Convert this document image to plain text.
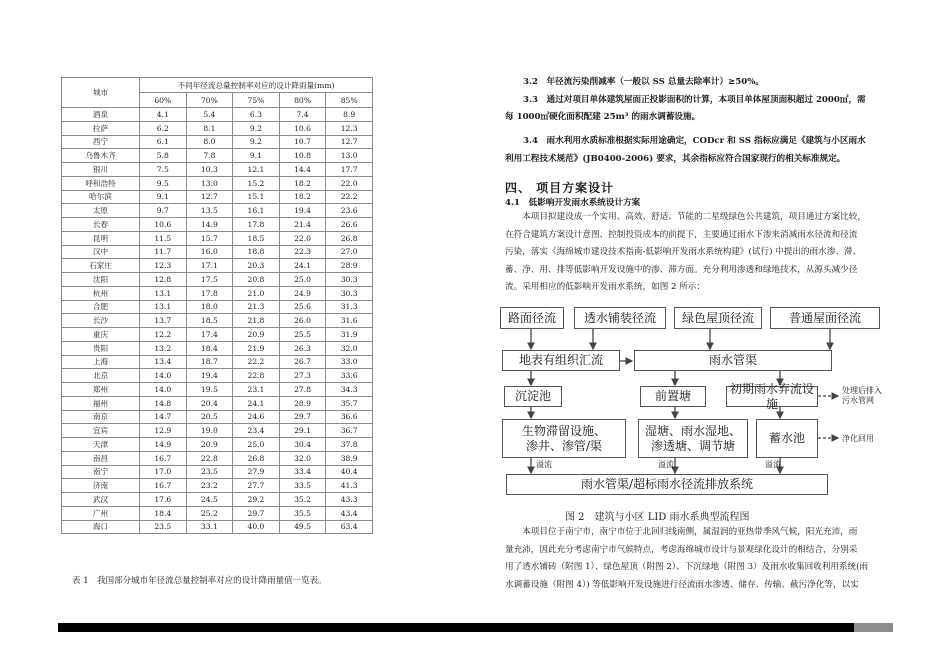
城市	不同年径流总量控制率对应的设计降雨量(mm)				
	60%	70%	75%	80%	85%
酒泉	4.1	5.4	6.3	7.4	8.9
拉萨	6.2	8.1	9.2	10.6	12.3
西宁	6.1	8.0	9.2	10.7	12.7
乌鲁木齐	5.8	7.8	9.1	10.8	13.0
银川	7.5	10.3	12.1	14.4	17.7
呼和浩特	9.5	13.0	15.2	18.2	22.0
哈尔滨	9.1	12.7	15.1	18.2	22.2
太原	9.7	13.5	16.1	19.4	23.6
长春	10.6	14.9	17.8	21.4	26.6
昆明	11.5	15.7	18.5	22.0	26.8
汉中	11.7	16.0	18.8	22.3	27.0
石家庄	12.3	17.1	20.3	24.1	28.9
沈阳	12.8	17.5	20.8	25.0	30.3
杭州	13.1	17.8	21.0	24.9	30.3
合肥	13.1	18.0	21.3	25.6	31.3
长沙	13.7	18.5	21.8	26.0	31.6
重庆	12.2	17.4	20.9	25.5	31.9
贵阳	13.2	18.4	21.9	26.3	32.0
上海	13.4	18.7	22.2	26.7	33.0
北京	14.0	19.4	22.8	27.3	33.6
郑州	14.0	19.5	23.1	27.8	34.3
福州	14.8	20.4	24.1	28.9	35.7
南京	14.7	20.5	24.6	29.7	36.6
宜宾	12.9	19.0	23.4	29.1	36.7
天津	14.9	20.9	25.0	30.4	37.8
南昌	16.7	22.8	26.8	32.0	38.9
南宁	17.0	23.5	27.9	33.4	40.4
济南	16.7	23.2	27.7	33.5	41.3
武汉	17.6	24.5	29.2	35.2	43.3
广州	18.4	25.2	29.7	35.5	43.4
海口	23.5	33.1	40.0	49.5	63.4
表 1　我国部分城市年径流总量控制率对应的设计降雨量值一览表。
3.2　年径流污染削减率（一般以 SS 总量去除率计）≥50%。
3.3　通过对项目单体建筑屋面正投影面积的计算，本项目单体屋顶面积超过 2000㎡，需
每 1000㎡硬化面积配建 25m³ 的雨水调蓄设施。
3.4　雨水利用水质标准根据实际用途确定，CODcr 和 SS 指标应满足《建筑与小区雨水
利用工程技术规范》(JB0400-2006) 要求，其余指标应符合国家现行的相关标准规定。
四、 项目方案设计
4.1　低影响开发雨水系统设计方案
　　本项目拟建设成一个实用、高效、舒适、节能的二星级绿色公共建筑，项目通过方案比较，
在符合建筑方案设计意图、控制投资成本的前提下，主要通过雨水下渗来消减雨水径流和径流
污染，落实《海绵城市建设技术指南-低影响开发雨水系统构建》(试行) 中提出的雨水渗、滞、
蓄、净、用、排等低影响开发设施中的渗、滞方面。充分利用渗透和绿地技术，从源头减少径
流。采用相应的低影响开发雨水系统，如图 2 所示：
路面径流	透水铺装径流	绿色屋顶径流	普通屋面径流
地表有组织汇流	雨水管渠
沉淀池	前置塘
初期雨水弃流设施
生物滞留设施、
渗井、渗管/渠
湿塘、雨水湿地、
渗透塘、调节塘
蓄水池
处理后排入
污水管网
净化回用
溢流	溢流	溢流
雨水管渠/超标雨水径流排放系统
图 2　建筑与小区 LID 雨水系典型流程图
　　本项目位于南宁市，南宁市位于北回归线南侧，属湿润的亚热带季风气候，阳光充沛，雨
量充沛，因此充分考虑南宁市气候特点，考虑海绵城市设计与景观绿化设计的相结合，分别采
用了透水铺砖（附图 1）、绿色屋顶（附图 2）、下沉绿地（附图 3）及雨水收集回收利用系统(雨
水调蓄设施（附图 4）) 等低影响开发设施进行径流雨水渗透、储存、传输、截污净化等，以实
